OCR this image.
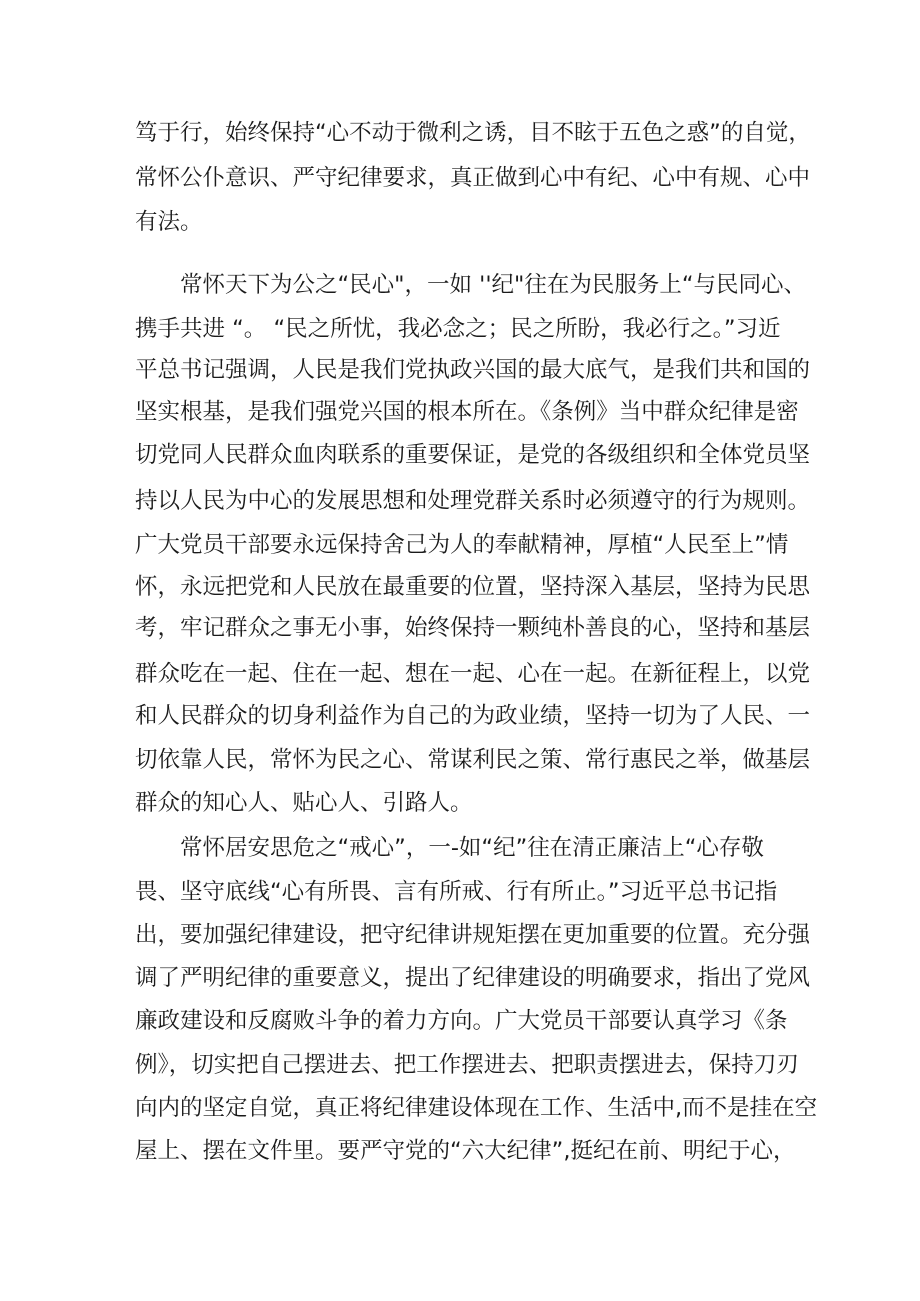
笃于行，始终保持“心不动于微利之诱，目不眩于五色之惑”的自觉，
常怀公仆意识、严守纪律要求，真正做到心中有纪、心中有规、心中
有法。
常怀天下为公之“民心"，一如 ''纪"往在为民服务上“与民同心、
携手共进 “。 “民之所忧，我必念之；民之所盼，我必行之。”习近
平总书记强调，人民是我们党执政兴国的最大底气，是我们共和国的
坚实根基，是我们强党兴国的根本所在。《条例》当中群众纪律是密
切党同人民群众血肉联系的重要保证，是党的各级组织和全体党员坚
持以人民为中心的发展思想和处理党群关系时必须遵守的行为规则。
广大党员干部要永远保持舍己为人的奉献精神，厚植“人民至上”情
怀，永远把党和人民放在最重要的位置，坚持深入基层，坚持为民思
考，牢记群众之事无小事，始终保持一颗纯朴善良的心，坚持和基层
群众吃在一起、住在一起、想在一起、心在一起。在新征程上，以党
和人民群众的切身利益作为自己的为政业绩，坚持一切为了人民、一
切依靠人民，常怀为民之心、常谋利民之策、常行惠民之举，做基层
群众的知心人、贴心人、引路人。
常怀居安思危之“戒心”，一-如“纪”往在清正廉洁上“心存敬
畏、坚守底线“心有所畏、言有所戒、行有所止。”习近平总书记指
出，要加强纪律建设，把守纪律讲规矩摆在更加重要的位置。充分强
调了严明纪律的重要意义，提出了纪律建设的明确要求，指出了党风
廉政建设和反腐败斗争的着力方向。广大党员干部要认真学习《条
例》，切实把自己摆进去、把工作摆进去、把职责摆进去，保持刀刃
向内的坚定自觉，真正将纪律建设体现在工作、生活中,而不是挂在空
屋上、摆在文件里。要严守党的“六大纪律”,挺纪在前、明纪于心，
